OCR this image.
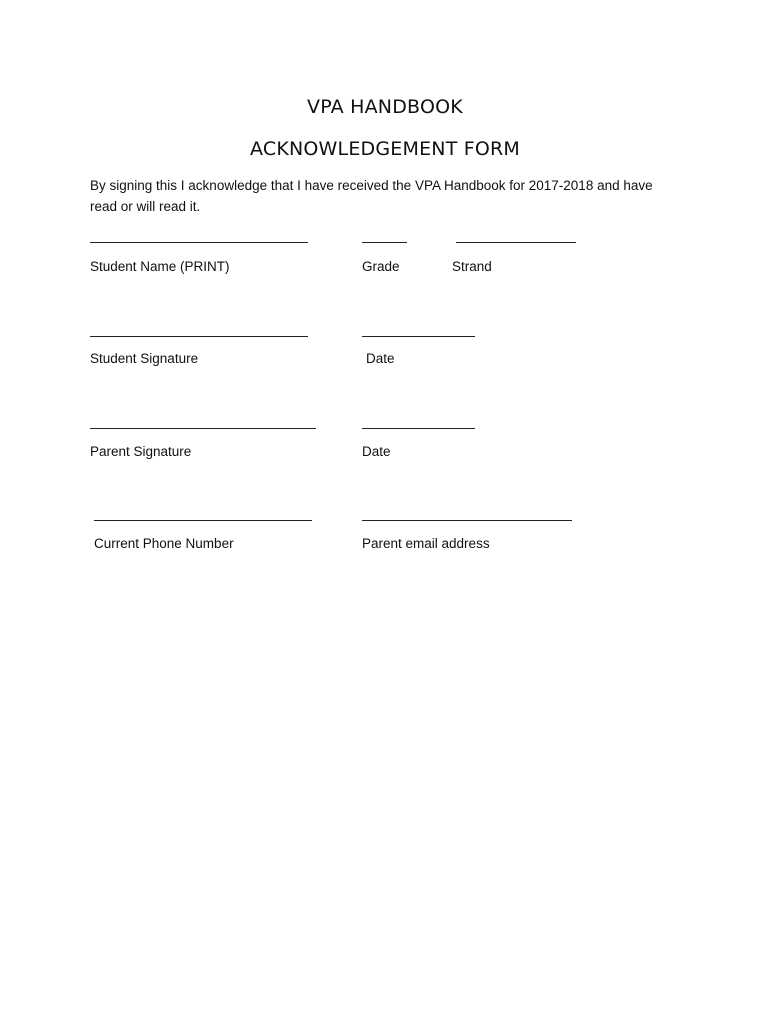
VPA HANDBOOK
ACKNOWLEDGEMENT FORM
By signing this I acknowledge that I have received the VPA Handbook for 2017-2018 and have read or will read it.
Student Name (PRINT)	Grade	Strand
Student Signature	Date
Parent Signature	Date
Current Phone Number	Parent email address
